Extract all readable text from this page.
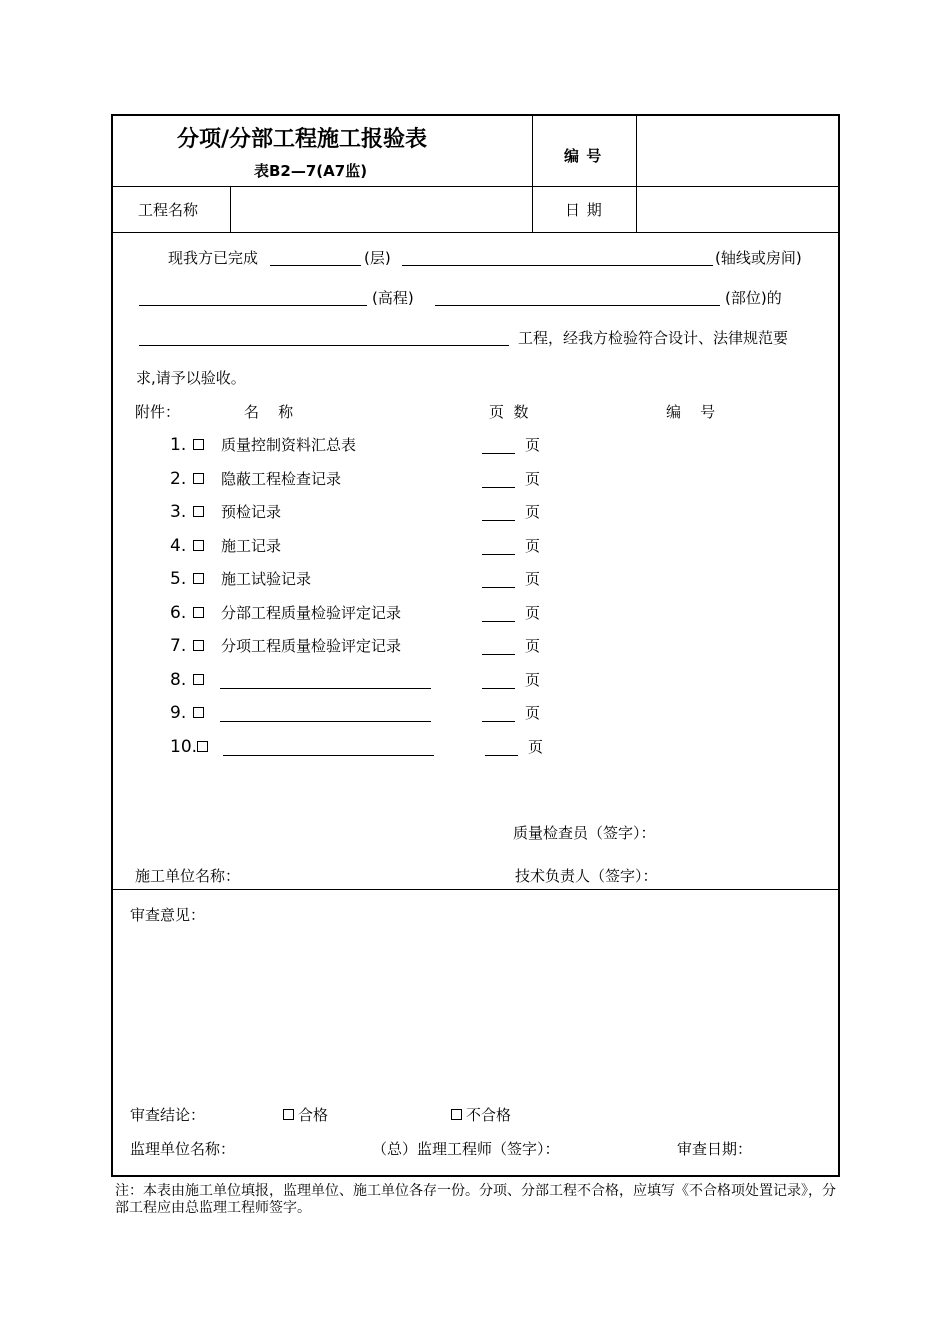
分项/分部工程施工报验表
表B2—7(A7监)
编 号
工程名称	日 期
现我方已完成	(层)	(轴线或房间)
(高程)	(部位)的
工程，经我方检验符合设计、法律规范要
求,请予以验收。
附件：	名    称	页  数	编    号
1. 质量控制资料汇总表	页
2. 隐蔽工程检查记录	页
3. 预检记录	页
4. 施工记录	页
5. 施工试验记录	页
6. 分部工程质量检验评定记录	页
7. 分项工程质量检验评定记录	页
8.	页
9.	页
10.	页
质量检查员（签字）：
施工单位名称：	技术负责人（签字）：
审查意见：
审查结论：	合格	不合格
监理单位名称：	（总）监理工程师（签字）：	审查日期：
注：本表由施工单位填报，监理单位、施工单位各存一份。分项、分部工程不合格，应填写《不合格项处置记录》，分部工程应由总监理工程师签字。
